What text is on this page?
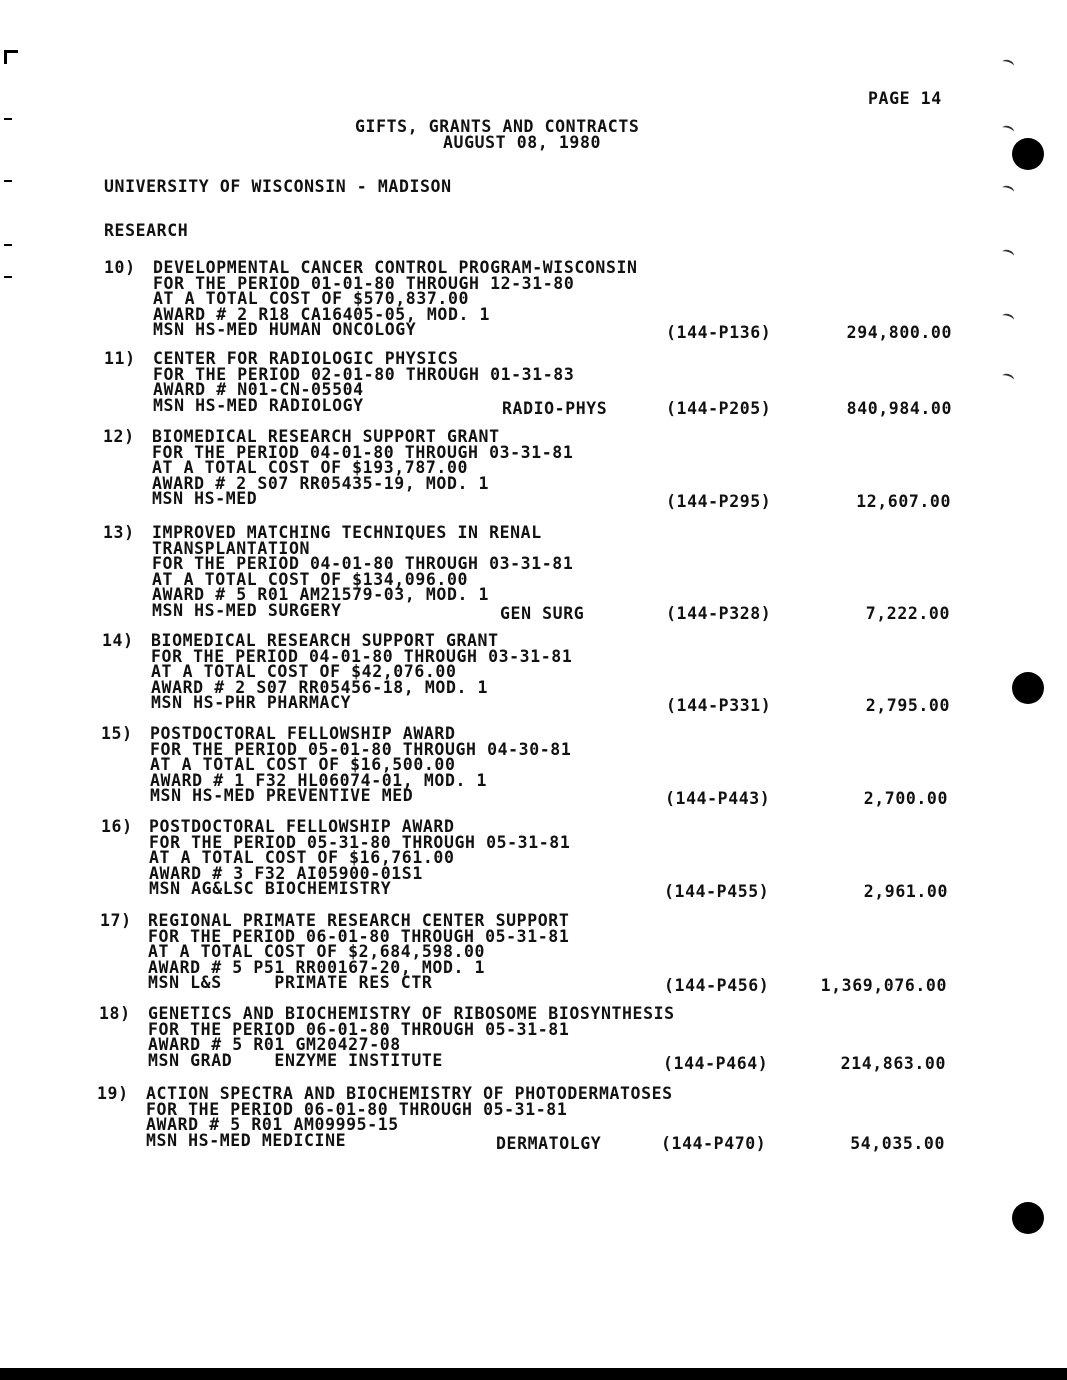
PAGE 14
GIFTS, GRANTS AND CONTRACTS
AUGUST 08, 1980
UNIVERSITY OF WISCONSIN - MADISON
RESEARCH
10) DEVELOPMENTAL CANCER CONTROL PROGRAM-WISCONSIN
FOR THE PERIOD 01-01-80 THROUGH 12-31-80
AT A TOTAL COST OF $570,837.00
AWARD # 2 R18 CA16405-05, MOD. 1
MSN HS-MED HUMAN ONCOLOGY	(144-P136)	294,800.00
11) CENTER FOR RADIOLOGIC PHYSICS
FOR THE PERIOD 02-01-80 THROUGH 01-31-83
AWARD # N01-CN-05504
MSN HS-MED RADIOLOGY	RADIO-PHYS	(144-P205)	840,984.00
12) BIOMEDICAL RESEARCH SUPPORT GRANT
FOR THE PERIOD 04-01-80 THROUGH 03-31-81
AT A TOTAL COST OF $193,787.00
AWARD # 2 S07 RR05435-19, MOD. 1
MSN HS-MED	(144-P295)	12,607.00
13) IMPROVED MATCHING TECHNIQUES IN RENAL
TRANSPLANTATION
FOR THE PERIOD 04-01-80 THROUGH 03-31-81
AT A TOTAL COST OF $134,096.00
AWARD # 5 R01 AM21579-03, MOD. 1
MSN HS-MED SURGERY	GEN SURG	(144-P328)	7,222.00
14) BIOMEDICAL RESEARCH SUPPORT GRANT
FOR THE PERIOD 04-01-80 THROUGH 03-31-81
AT A TOTAL COST OF $42,076.00
AWARD # 2 S07 RR05456-18, MOD. 1
MSN HS-PHR PHARMACY	(144-P331)	2,795.00
15) POSTDOCTORAL FELLOWSHIP AWARD
FOR THE PERIOD 05-01-80 THROUGH 04-30-81
AT A TOTAL COST OF $16,500.00
AWARD # 1 F32 HL06074-01, MOD. 1
MSN HS-MED PREVENTIVE MED	(144-P443)	2,700.00
16) POSTDOCTORAL FELLOWSHIP AWARD
FOR THE PERIOD 05-31-80 THROUGH 05-31-81
AT A TOTAL COST OF $16,761.00
AWARD # 3 F32 AI05900-01S1
MSN AG&LSC BIOCHEMISTRY	(144-P455)	2,961.00
17) REGIONAL PRIMATE RESEARCH CENTER SUPPORT
FOR THE PERIOD 06-01-80 THROUGH 05-31-81
AT A TOTAL COST OF $2,684,598.00
AWARD # 5 P51 RR00167-20, MOD. 1
MSN L&S     PRIMATE RES CTR	(144-P456)	1,369,076.00
18) GENETICS AND BIOCHEMISTRY OF RIBOSOME BIOSYNTHESIS
FOR THE PERIOD 06-01-80 THROUGH 05-31-81
AWARD # 5 R01 GM20427-08
MSN GRAD    ENZYME INSTITUTE	(144-P464)	214,863.00
19) ACTION SPECTRA AND BIOCHEMISTRY OF PHOTODERMATOSES
FOR THE PERIOD 06-01-80 THROUGH 05-31-81
AWARD # 5 R01 AM09995-15
MSN HS-MED MEDICINE	DERMATOLGY	(144-P470)	54,035.00
